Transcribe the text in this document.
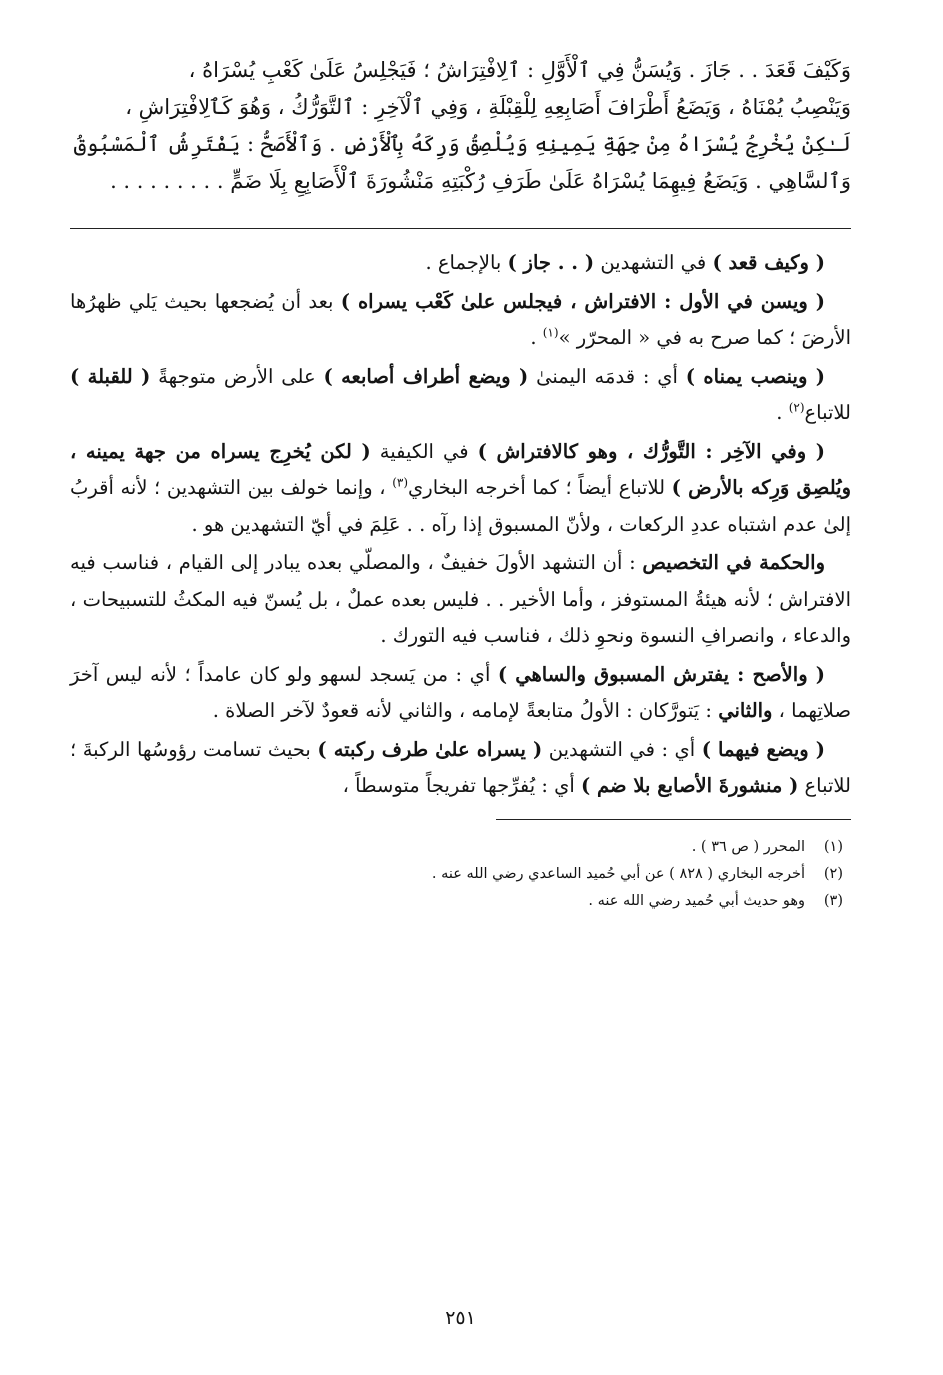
وَكَيْفَ قَعَدَ . . جَازَ . وَيُسَنُّ فِي ٱلْأَوَّلِ : ٱلِافْتِرَاشُ ؛ فَيَجْلِسُ عَلَىٰ كَعْبِ يُسْرَاهُ ،
وَيَنْصِبُ يُمْنَاهُ ، وَيَضَعُ أَطْرَافَ أَصَابِعِهِ لِلْقِبْلَةِ ، وَفِي ٱلْآخِرِ : ٱلتَّوَرُّكُ ، وَهُوَ كَٱلِافْتِرَاشِ ،
لَـٰكِنْ يُخْرِجُ يُسْرَاهُ مِنْ جِهَةِ يَمِينِهِ وَيُلْصِقُ وَرِكَهُ بِٱلْأَرْضِ . وَٱلْأَصَحُّ : يَفْتَرِشُ ٱلْمَسْبُوقُ
وَٱلسَّاهِي . وَيَضَعُ فِيهِمَا يُسْرَاهُ عَلَىٰ طَرَفِ رُكْبَتِهِ مَنْشُورَةَ ٱلْأَصَابِعِ بِلَا ضَمٍّ . . . . . . . . .

( وكيف قعد ) في التشهدين ( . . جاز ) بالإجماع .

( ويسن في الأول : الافتراش ، فيجلس علىٰ كَعْب يسراه ) بعد أن يُضجعها بحيث يَلي ظهرُها الأرضَ ؛ كما صرح به في « المحرّر »$^{(١)}$ .

( وينصب يمناه ) أي : قدمَه اليمنىٰ ( ويضع أطراف أصابعه ) على الأرض متوجهةً ( للقبلة ) للاتباع$^{(٢)}$ .

( وفي الآخِر : التَّورُّك ، وهو كالافتراش ) في الكيفية ( لكن يُخرِج يسراه من جهة يمينه ، ويُلصِق وَرِكه بالأرض ) للاتباع أيضاً ؛ كما أخرجه البخاري$^{(٣)}$ ، وإنما خولف بين التشهدين ؛ لأنه أقربُ إلىٰ عدم اشتباه عددِ الركعات ، ولأنّ المسبوق إذا رآه . . عَلِمَ في أيّ التشهدين هو .

والحكمة في التخصيص : أن التشهد الأولَ خفيفٌ ، والمصلّي بعده يبادر إلى القيام ، فناسب فيه الافتراش ؛ لأنه هيئةُ المستوفز ، وأما الأخير . . فليس بعده عملٌ ، بل يُسنّ فيه المكثُ للتسبيحات ، والدعاء ، وانصرافِ النسوة ونحوِ ذلك ، فناسب فيه التورك .

( والأصح : يفترش المسبوق والساهي ) أي : من يَسجد لسهو ولو كان عامداً ؛ لأنه ليس آخرَ صلاتِهما ، والثاني : يَتورَّكان : الأولُ متابعةً لإمامه ، والثاني لأنه قعودٌ لآخر الصلاة .

( ويضع فيهما ) أي : في التشهدين ( يسراه علىٰ طرف ركبته ) بحيث تسامت رؤوسُها الركبةَ ؛ للاتباع ( منشورةَ الأصابع بلا ضم ) أي : يُفرِّجها تفريجاً متوسطاً ،

(١)
المحرر ( ص ٣٦ ) .
(٢)
أخرجه البخاري ( ٨٢٨ ) عن أبي حُميد الساعدي رضي الله عنه .
(٣)
وهو حديث أبي حُميد رضي الله عنه .
٢٥١
